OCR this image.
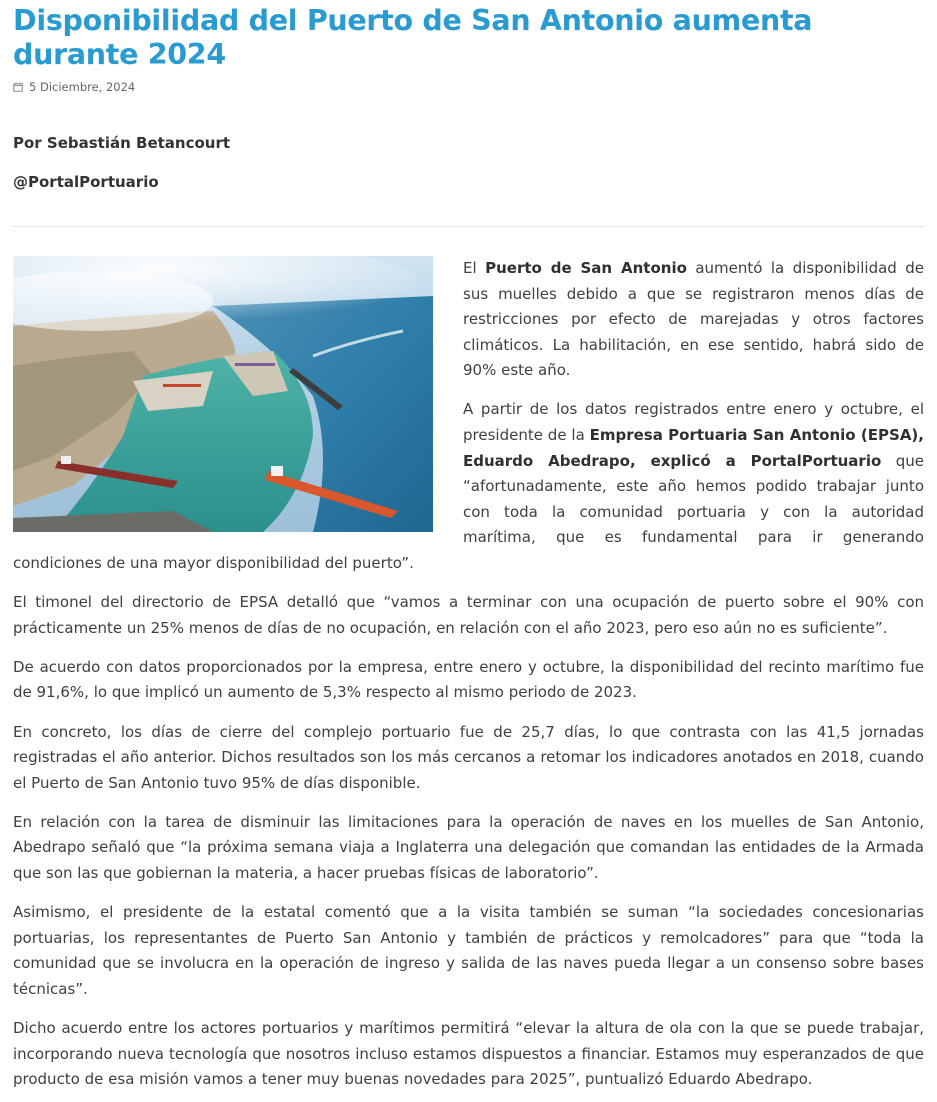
Disponibilidad del Puerto de San Antonio aumenta durante 2024
5 Diciembre, 2024
Por Sebastián Betancourt
@PortalPortuario

El Puerto de San Antonio aumentó la disponibilidad de sus muelles debido a que se registraron menos días de restricciones por efecto de marejadas y otros factores climáticos. La habilitación, en ese sentido, habrá sido de 90% este año.

A partir de los datos registrados entre enero y octubre, el presidente de la Empresa Portuaria San Antonio (EPSA), Eduardo Abedrapo, explicó a PortalPortuario que “afortunadamente, este año hemos podido trabajar junto con toda la comunidad portuaria y con la autoridad marítima, que es fundamental para ir generando condiciones de una mayor disponibilidad del puerto”.

El timonel del directorio de EPSA detalló que “vamos a terminar con una ocupación de puerto sobre el 90% con prácticamente un 25% menos de días de no ocupación, en relación con el año 2023, pero eso aún no es suficiente”.

De acuerdo con datos proporcionados por la empresa, entre enero y octubre, la disponibilidad del recinto marítimo fue de 91,6%, lo que implicó un aumento de 5,3% respecto al mismo periodo de 2023.

En concreto, los días de cierre del complejo portuario fue de 25,7 días, lo que contrasta con las 41,5 jornadas registradas el año anterior. Dichos resultados son los más cercanos a retomar los indicadores anotados en 2018, cuando el Puerto de San Antonio tuvo 95% de días disponible.

En relación con la tarea de disminuir las limitaciones para la operación de naves en los muelles de San Antonio, Abedrapo señaló que “la próxima semana viaja a Inglaterra una delegación que comandan las entidades de la Armada que son las que gobiernan la materia, a hacer pruebas físicas de laboratorio”.

Asimismo, el presidente de la estatal comentó que a la visita también se suman “la sociedades concesionarias portuarias, los representantes de Puerto San Antonio y también de prácticos y remolcadores” para que “toda la comunidad que se involucra en la operación de ingreso y salida de las naves pueda llegar a un consenso sobre bases técnicas”.

Dicho acuerdo entre los actores portuarios y marítimos permitirá “elevar la altura de ola con la que se puede trabajar, incorporando nueva tecnología que nosotros incluso estamos dispuestos a financiar. Estamos muy esperanzados de que producto de esa misión vamos a tener muy buenas novedades para 2025”, puntualizó Eduardo Abedrapo.
